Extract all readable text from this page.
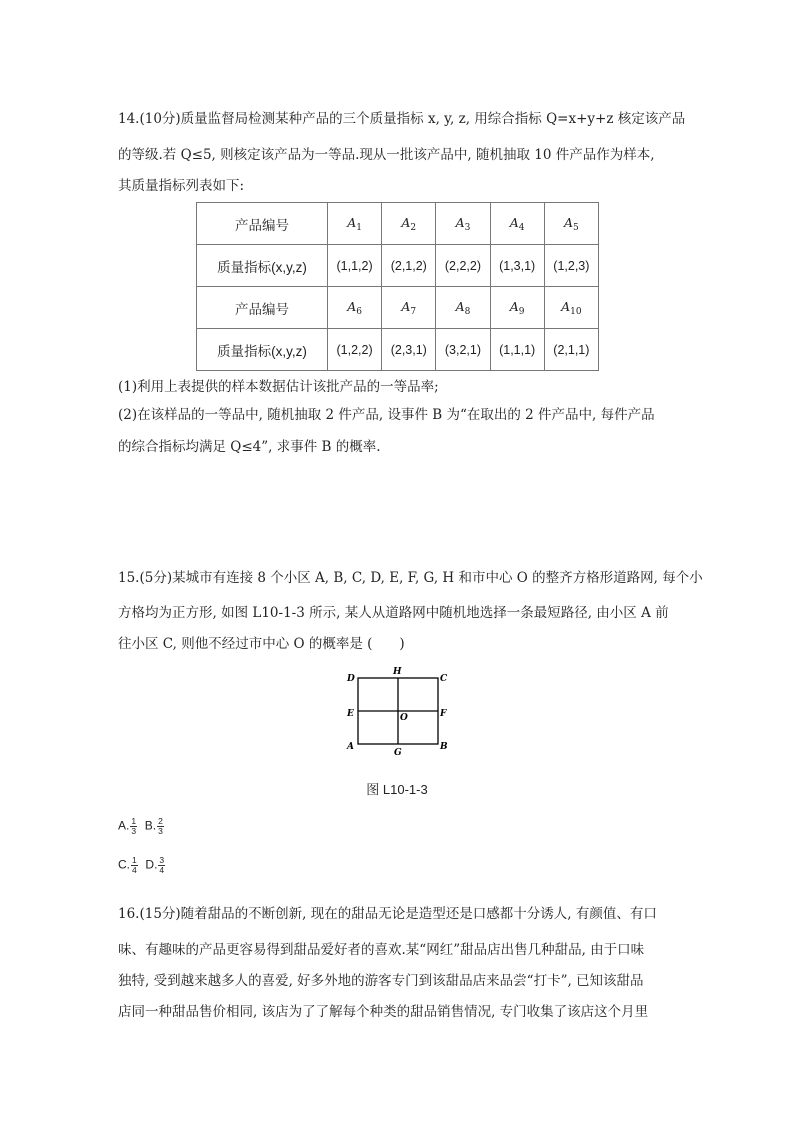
14.(10分)质量监督局检测某种产品的三个质量指标 x, y, z, 用综合指标 Q=x+y+z 核定该产品
的等级.若 Q≤5, 则核定该产品为一等品.现从一批该产品中, 随机抽取 10 件产品作为样本,
其质量指标列表如下:
产品编号	$A_1$	$A_2$	$A_3$	$A_4$	$A_5$
质量指标(x,y,z)	(1,1,2)	(2,1,2)	(2,2,2)	(1,3,1)	(1,2,3)
产品编号	$A_6$	$A_7$	$A_8$	$A_9$	$A_{10}$
质量指标(x,y,z)	(1,2,2)	(2,3,1)	(3,2,1)	(1,1,1)	(2,1,1)
(1)利用上表提供的样本数据估计该批产品的一等品率;
(2)在该样品的一等品中, 随机抽取 2 件产品, 设事件 B 为“在取出的 2 件产品中, 每件产品
的综合指标均满足 Q≤4”, 求事件 B 的概率.
15.(5分)某城市有连接 8 个小区 A, B, C, D, E, F, G, H 和市中心 O 的整齐方格形道路网, 每个小
方格均为正方形, 如图 L10-1-3 所示, 某人从道路网中随机地选择一条最短路径, 由小区 A 前
往小区 C, 则他不经过市中心 O 的概率是 (　　)
D
H
C
E	O	F
A
G
B
图 L10-1-3
A. $\frac{1}{3} B$. $\frac{2}{3}$
C. $\frac{1}{4} D$. $\frac{3}{4}$
16.(15分)随着甜品的不断创新, 现在的甜品无论是造型还是口感都十分诱人, 有颜值、有口
味、有趣味的产品更容易得到甜品爱好者的喜欢.某“网红”甜品店出售几种甜品, 由于口味
独特, 受到越来越多人的喜爱, 好多外地的游客专门到该甜品店来品尝“打卡”, 已知该甜品
店同一种甜品售价相同, 该店为了了解每个种类的甜品销售情况, 专门收集了该店这个月里
